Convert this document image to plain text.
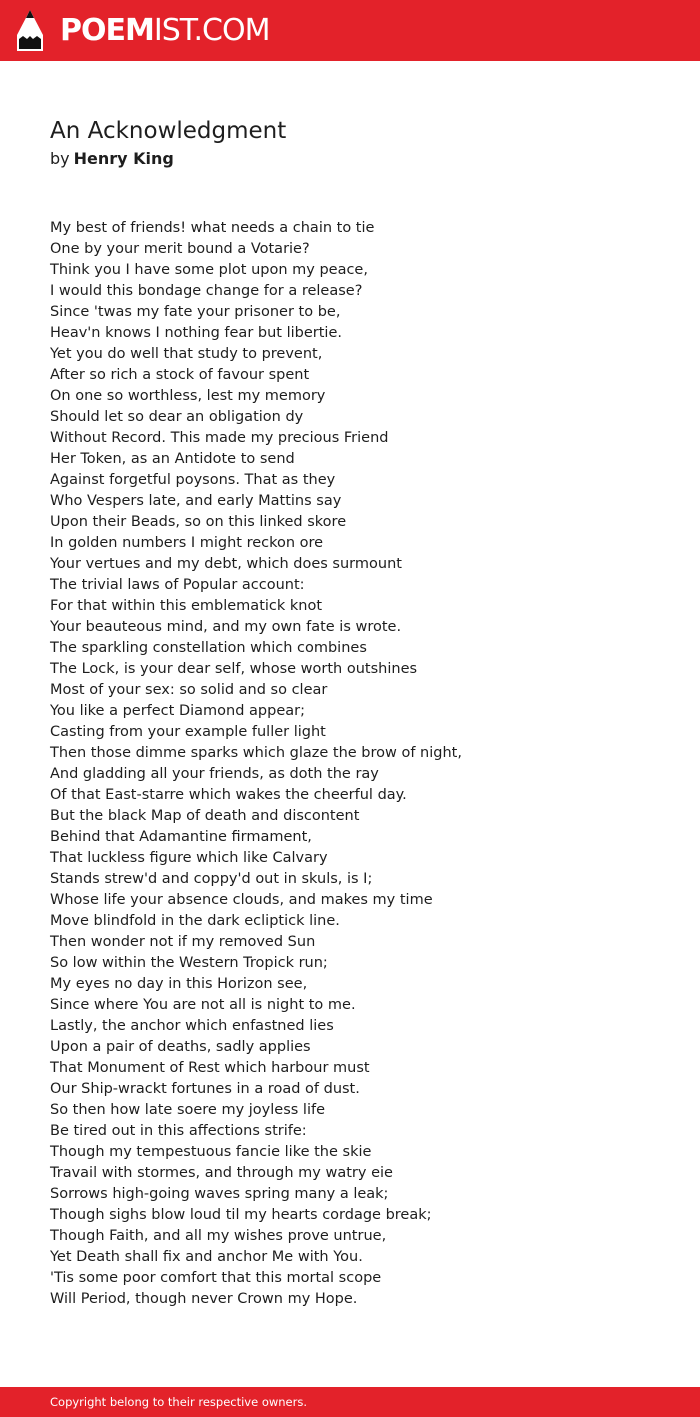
POEMIST.COM
An Acknowledgment
by Henry King
My best of friends! what needs a chain to tie
One by your merit bound a Votarie?
Think you I have some plot upon my peace,
I would this bondage change for a release?
Since 'twas my fate your prisoner to be,
Heav'n knows I nothing fear but libertie.
Yet you do well that study to prevent,
After so rich a stock of favour spent
On one so worthless, lest my memory
Should let so dear an obligation dy
Without Record. This made my precious Friend
Her Token, as an Antidote to send
Against forgetful poysons. That as they
Who Vespers late, and early Mattins say
Upon their Beads, so on this linked skore
In golden numbers I might reckon ore
Your vertues and my debt, which does surmount
The trivial laws of Popular account:
For that within this emblematick knot
Your beauteous mind, and my own fate is wrote.
The sparkling constellation which combines
The Lock, is your dear self, whose worth outshines
Most of your sex: so solid and so clear
You like a perfect Diamond appear;
Casting from your example fuller light
Then those dimme sparks which glaze the brow of night,
And gladding all your friends, as doth the ray
Of that East-starre which wakes the cheerful day.
But the black Map of death and discontent
Behind that Adamantine firmament,
That luckless figure which like Calvary
Stands strew'd and coppy'd out in skuls, is I;
Whose life your absence clouds, and makes my time
Move blindfold in the dark ecliptick line.
Then wonder not if my removed Sun
So low within the Western Tropick run;
My eyes no day in this Horizon see,
Since where You are not all is night to me.
Lastly, the anchor which enfastned lies
Upon a pair of deaths, sadly applies
That Monument of Rest which harbour must
Our Ship-wrackt fortunes in a road of dust.
So then how late soere my joyless life
Be tired out in this affections strife:
Though my tempestuous fancie like the skie
Travail with stormes, and through my watry eie
Sorrows high-going waves spring many a leak;
Though sighs blow loud til my hearts cordage break;
Though Faith, and all my wishes prove untrue,
Yet Death shall fix and anchor Me with You.
'Tis some poor comfort that this mortal scope
Will Period, though never Crown my Hope.
Copyright belong to their respective owners.
